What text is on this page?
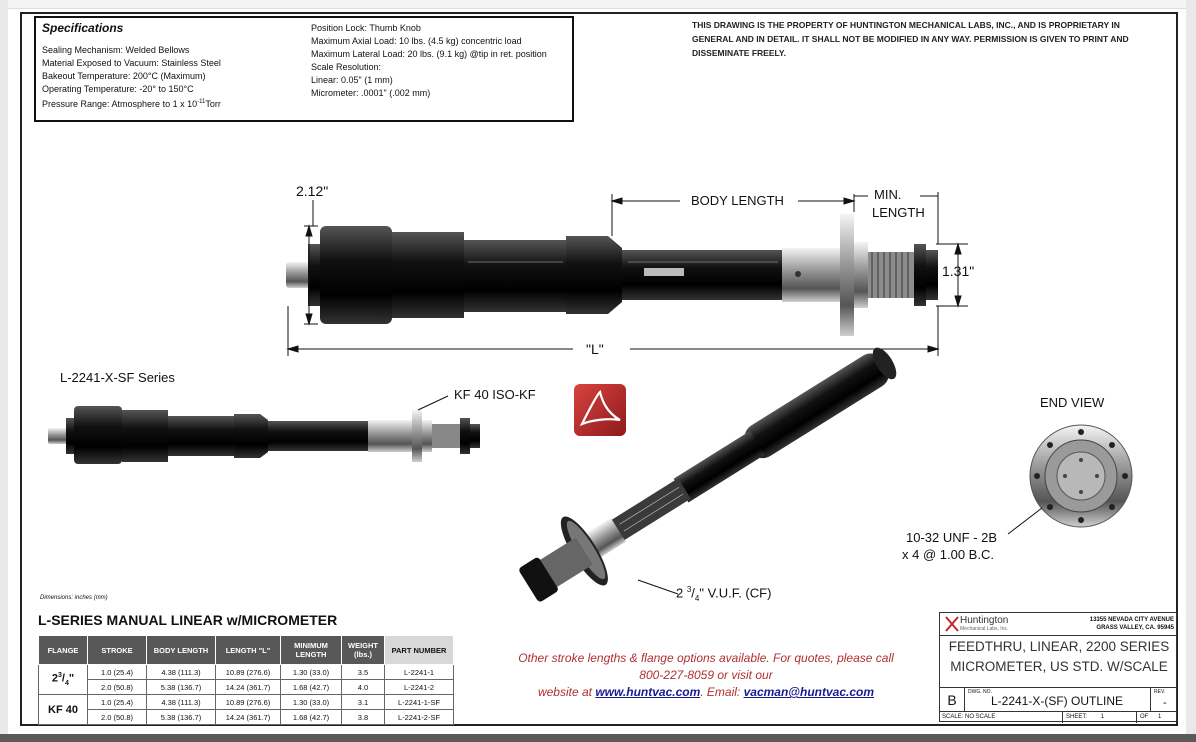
Specifications
Sealing Mechanism: Welded Bellows
Material Exposed to Vacuum: Stainless Steel
Bakeout Temperature: 200°C (Maximum)
Operating Temperature: -20° to 150°C
Pressure Range: Atmosphere to 1 x $10^{-11}Torr$
Position Lock: Thumb Knob
Maximum Axial Load: 10 lbs. (4.5 kg) concentric load
Maximum Lateral Load: 20 lbs. (9.1 kg) @tip in ret. position
Scale Resolution:
Linear: 0.05" (1 mm)
Micrometer: .0001" (.002 mm)
THIS DRAWING IS THE PROPERTY OF HUNTINGTON MECHANICAL LABS, INC., AND IS PROPRIETARY IN GENERAL AND IN DETAIL. IT SHALL NOT BE MODIFIED IN ANY WAY. PERMISSION IS GIVEN TO PRINT AND DISSEMINATE FREELY.
2.12"
BODY LENGTH	MIN.
LENGTH
1.31"
"L"
L-2241-X-SF Series
KF 40 ISO-KF
END VIEW
10-32 UNF - 2B
x 4 @ 1.00 B.C.
2 $^3/_4$" V.U.F. (CF)
Dimensions: inches (mm)
L-SERIES MANUAL LINEAR w/MICROMETER
FLANGE	STROKE	BODY LENGTH	LENGTH "L"	MINIMUM LENGTH	WEIGHT (lbs.)	PART NUMBER
$2^3/_4$"	1.0 (25.4)	4.38 (111.3)	10.89 (276.6)	1.30 (33.0)	3.5	L-2241-1
	2.0 (50.8)	5.38 (136.7)	14.24 (361.7)	1.68 (42.7)	4.0	L-2241-2
KF 40	1.0 (25.4)	4.38 (111.3)	10.89 (276.6)	1.30 (33.0)	3.1	L-2241-1-SF
	2.0 (50.8)	5.38 (136.7)	14.24 (361.7)	1.68 (42.7)	3.8	L-2241-2-SF
Other stroke lengths & flange options available. For quotes, please call
800-227-8059 or visit our
website at www.huntvac.com. Email: vacman@huntvac.com
Huntington
Mechanical Labs, Inc.
13355 NEVADA CITY AVENUE
GRASS VALLEY, CA. 95945
FEEDTHRU, LINEAR, 2200 SERIES
MICROMETER, US STD. W/SCALE
B	DWG. NO.
L-2241-X-(SF) OUTLINE
REV.
-
SCALE: NO SCALE	SHEET: 1	OF 1
